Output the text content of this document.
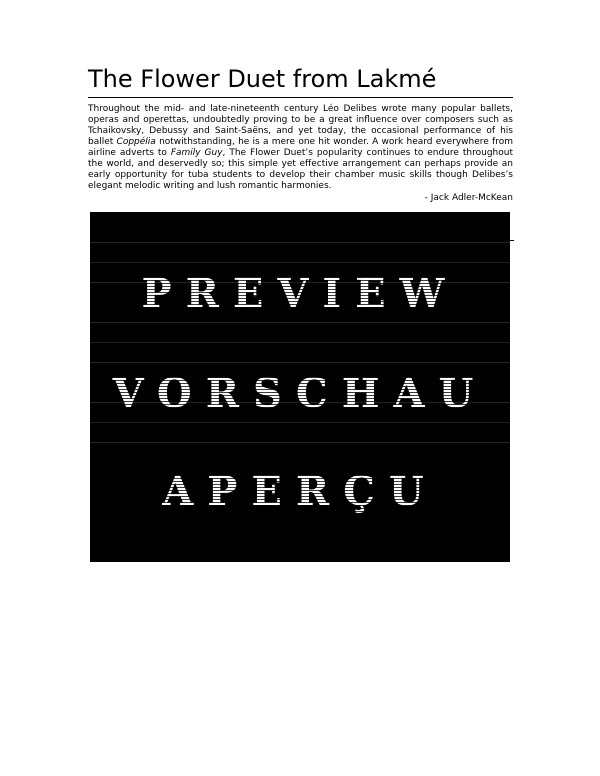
The Flower Duet from Lakmé

Throughout the mid- and late-nineteenth century Léo Delibes wrote many popular ballets, operas and operettas, undoubtedly proving to be a great influence over composers such as Tchaikovsky, Debussy and Saint-Saëns, and yet today, the occasional performance of his ballet Coppélia notwithstanding, he is a mere one hit wonder. A work heard everywhere from airline adverts to Family Guy, The Flower Duet’s popularity continues to endure throughout the world, and deservedly so; this simple yet effective arrangement can perhaps provide an early opportunity for tuba students to develop their chamber music skills though Delibes’s elegant melodic writing and lush romantic harmonies.

- Jack Adler-McKean
PREVIEW
VORSCHAU
APERÇU
